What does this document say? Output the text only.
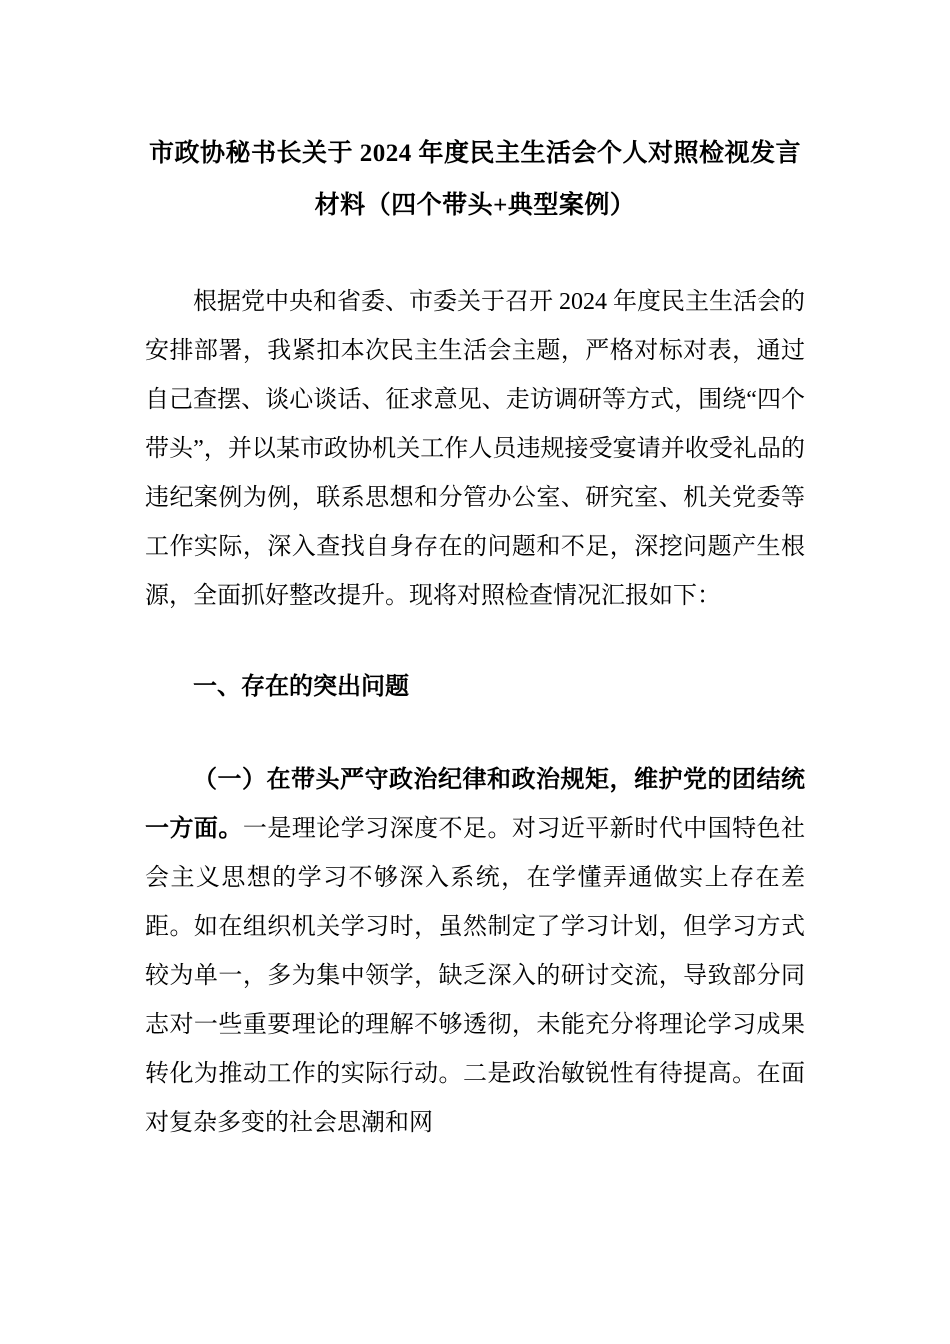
市政协秘书长关于 2024 年度民主生活会个人对照检视发言材料（四个带头+典型案例）

根据党中央和省委、市委关于召开 2024 年度民主生活会的安排部署，我紧扣本次民主生活会主题，严格对标对表，通过自己查摆、谈心谈话、征求意见、走访调研等方式，围绕“四个带头”，并以某市政协机关工作人员违规接受宴请并收受礼品的违纪案例为例，联系思想和分管办公室、研究室、机关党委等工作实际，深入查找自身存在的问题和不足，深挖问题产生根源，全面抓好整改提升。现将对照检查情况汇报如下：

一、存在的突出问题

（一）在带头严守政治纪律和政治规矩，维护党的团结统一方面。一是理论学习深度不足。对习近平新时代中国特色社会主义思想的学习不够深入系统，在学懂弄通做实上存在差距。如在组织机关学习时，虽然制定了学习计划，但学习方式较为单一，多为集中领学，缺乏深入的研讨交流，导致部分同志对一些重要理论的理解不够透彻，未能充分将理论学习成果转化为推动工作的实际行动。二是政治敏锐性有待提高。在面对复杂多变的社会思潮和网
